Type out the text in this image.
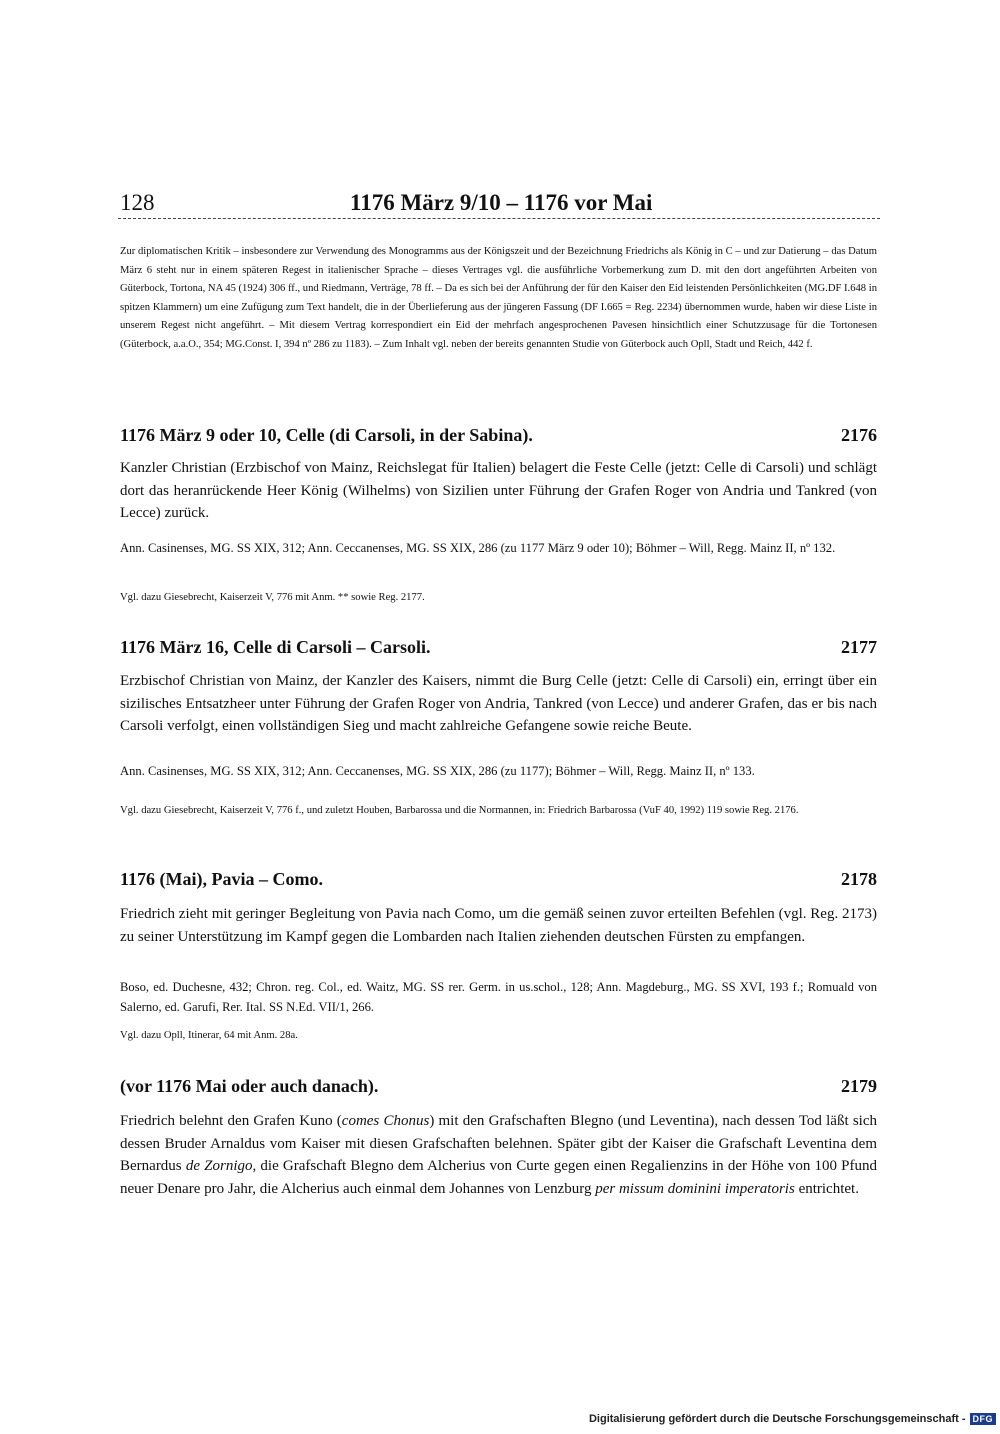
128	1176 März 9/10 – 1176 vor Mai
Zur diplomatischen Kritik – insbesondere zur Verwendung des Monogramms aus der Königszeit und der Bezeichnung Friedrichs als König in C – und zur Datierung – das Datum März 6 steht nur in einem späteren Regest in italienischer Sprache – dieses Vertrages vgl. die ausführliche Vorbemerkung zum D. mit den dort angeführten Arbeiten von Güterbock, Tortona, NA 45 (1924) 306 ff., und Riedmann, Verträge, 78 ff. – Da es sich bei der Anführung der für den Kaiser den Eid leistenden Persönlichkeiten (MG.DF I.648 in spitzen Klammern) um eine Zufügung zum Text handelt, die in der Überlieferung aus der jüngeren Fassung (DF I.665 = Reg. 2234) übernommen wurde, haben wir diese Liste in unserem Regest nicht angeführt. – Mit diesem Vertrag korrespondiert ein Eid der mehrfach angesprochenen Pavesen hinsichtlich einer Schutzzusage für die Tortonesen (Güterbock, a.a.O., 354; MG.Const. I, 394 nº 286 zu 1183). – Zum Inhalt vgl. neben der bereits genannten Studie von Güterbock auch Opll, Stadt und Reich, 442 f.
1176 März 9 oder 10, Celle (di Carsoli, in der Sabina).	2176
Kanzler Christian (Erzbischof von Mainz, Reichslegat für Italien) belagert die Feste Celle (jetzt: Celle di Carsoli) und schlägt dort das heranrückende Heer König (Wilhelms) von Sizilien unter Führung der Grafen Roger von Andria und Tankred (von Lecce) zurück.
Ann. Casinenses, MG. SS XIX, 312; Ann. Ceccanenses, MG. SS XIX, 286 (zu 1177 März 9 oder 10); Böhmer – Will, Regg. Mainz II, nº 132.
Vgl. dazu Giesebrecht, Kaiserzeit V, 776 mit Anm. ** sowie Reg. 2177.
1176 März 16, Celle di Carsoli – Carsoli.	2177
Erzbischof Christian von Mainz, der Kanzler des Kaisers, nimmt die Burg Celle (jetzt: Celle di Carsoli) ein, erringt über ein sizilisches Entsatzheer unter Führung der Grafen Roger von Andria, Tankred (von Lecce) und anderer Grafen, das er bis nach Carsoli verfolgt, einen vollständigen Sieg und macht zahlreiche Gefangene sowie reiche Beute.
Ann. Casinenses, MG. SS XIX, 312; Ann. Ceccanenses, MG. SS XIX, 286 (zu 1177); Böhmer – Will, Regg. Mainz II, nº 133.
Vgl. dazu Giesebrecht, Kaiserzeit V, 776 f., und zuletzt Houben, Barbarossa und die Normannen, in: Friedrich Barbarossa (VuF 40, 1992) 119 sowie Reg. 2176.
1176 (Mai), Pavia – Como.	2178
Friedrich zieht mit geringer Begleitung von Pavia nach Como, um die gemäß seinen zuvor erteilten Befehlen (vgl. Reg. 2173) zu seiner Unterstützung im Kampf gegen die Lombarden nach Italien ziehenden deutschen Fürsten zu empfangen.
Boso, ed. Duchesne, 432; Chron. reg. Col., ed. Waitz, MG. SS rer. Germ. in us.schol., 128; Ann. Magdeburg., MG. SS XVI, 193 f.; Romuald von Salerno, ed. Garufi, Rer. Ital. SS N.Ed. VII/1, 266.
Vgl. dazu Opll, Itinerar, 64 mit Anm. 28a.
(vor 1176 Mai oder auch danach).	2179
Friedrich belehnt den Grafen Kuno (comes Chonus) mit den Grafschaften Blegno (und Leventina), nach dessen Tod läßt sich dessen Bruder Arnaldus vom Kaiser mit diesen Grafschaften belehnen. Später gibt der Kaiser die Grafschaft Leventina dem Bernardus de Zornigo, die Grafschaft Blegno dem Alcherius von Curte gegen einen Regalienzins in der Höhe von 100 Pfund neuer Denare pro Jahr, die Alcherius auch einmal dem Johannes von Lenzburg per missum dominini imperatoris entrichtet.
Digitalisierung gefördert durch die Deutsche Forschungsgemeinschaft - DFG
